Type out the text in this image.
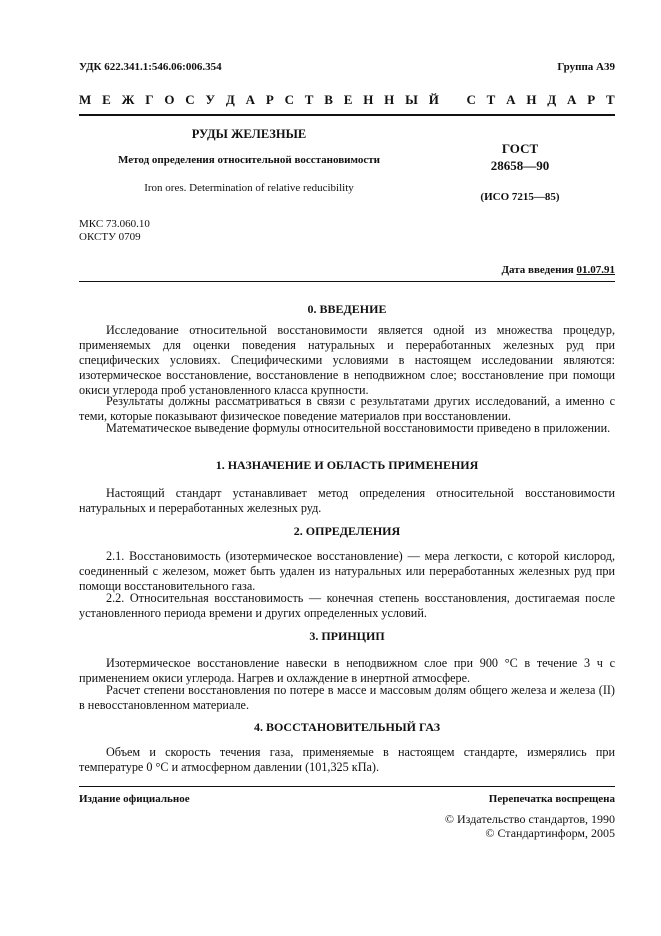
УДК 622.341.1:546.06:006.354	Группа А39
М Е Ж Г О С У Д А Р С Т В Е Н Н Ы Й С Т А Н Д А Р Т
РУДЫ ЖЕЛЕЗНЫЕ
Метод определения относительной восстановимости
Iron ores. Determination of relative reducibility
ГОСТ
28658—90
(ИСО 7215—85)
МКС 73.060.10
ОКСТУ 0709
Дата введения 01.07.91
0. ВВЕДЕНИЕ

Исследование относительной восстановимости является одной из множества процедур, применяемых для оценки поведения натуральных и переработанных железных руд при специфических условиях. Специфическими условиями в настоящем исследовании являются: изотермическое восстановление, восстановление в неподвижном слое; восстановление при помощи окиси углерода проб установленного класса крупности.

Результаты должны рассматриваться в связи с результатами других исследований, а именно с теми, которые показывают физическое поведение материалов при восстановлении.

Математическое выведение формулы относительной восстановимости приведено в приложении.

1. НАЗНАЧЕНИЕ И ОБЛАСТЬ ПРИМЕНЕНИЯ

Настоящий стандарт устанавливает метод определения относительной восстановимости натуральных и переработанных железных руд.

2. ОПРЕДЕЛЕНИЯ

2.1. Восстановимость (изотермическое восстановление) — мера легкости, с которой кислород, соединенный с железом, может быть удален из натуральных или переработанных железных руд при помощи восстановительного газа.

2.2. Относительная восстановимость — конечная степень восстановления, достигаемая после установленного периода времени и других определенных условий.

3. ПРИНЦИП

Изотермическое восстановление навески в неподвижном слое при 900 °С в течение 3 ч с применением окиси углерода. Нагрев и охлаждение в инертной атмосфере.

Расчет степени восстановления по потере в массе и массовым долям общего железа и железа (II) в невосстановленном материале.

4. ВОССТАНОВИТЕЛЬНЫЙ ГАЗ

Объем и скорость течения газа, применяемые в настоящем стандарте, измерялись при температуре 0 °С и атмосферном давлении (101,325 кПа).

Издание официальное	Перепечатка воспрещена
© Издательство стандартов, 1990
© Стандартинформ, 2005
